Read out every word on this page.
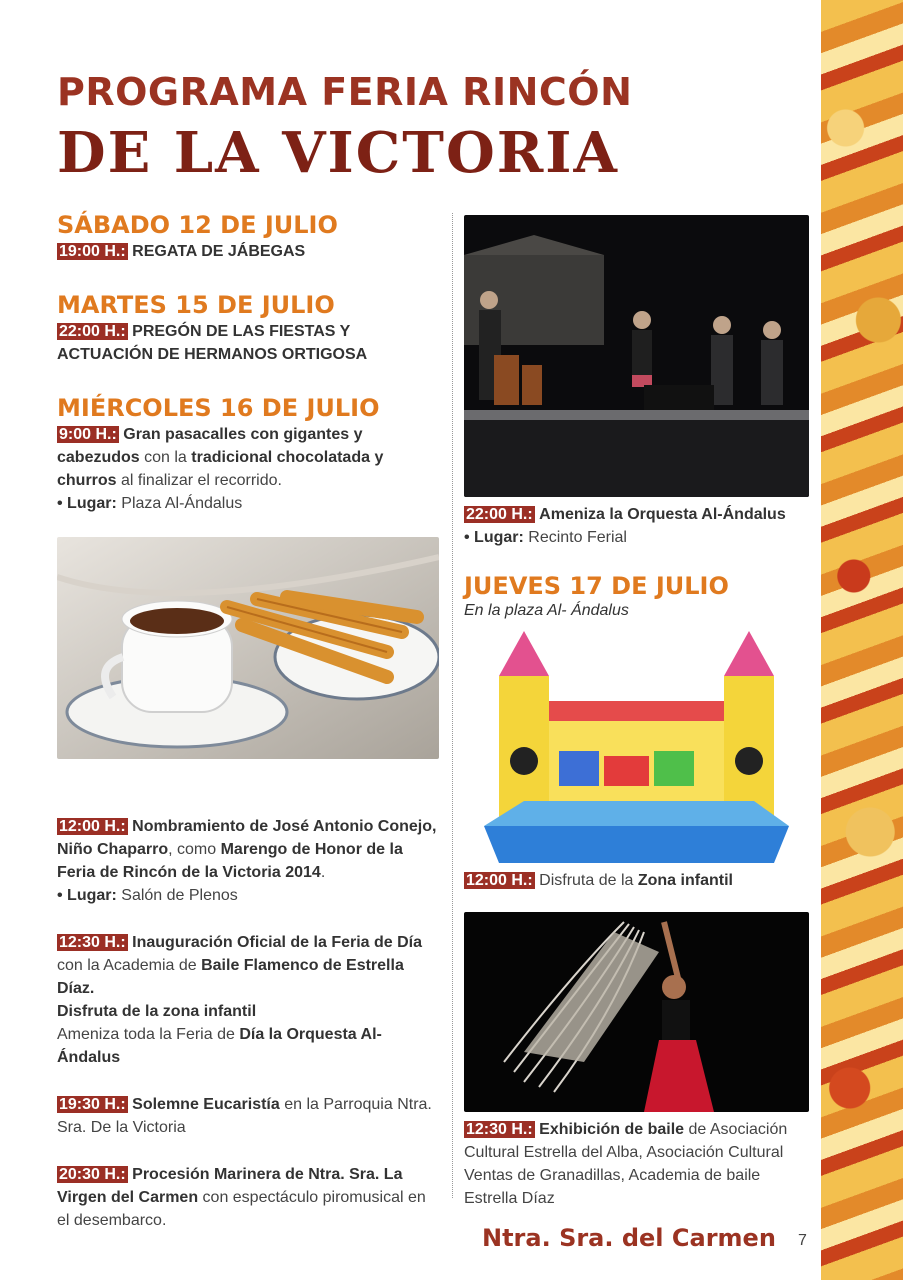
PROGRAMA FERIA RINCÓN
DE LA VICTORIA

SÁBADO 12 DE JULIO

19:00 H.: REGATA DE JÁBEGAS

MARTES 15 DE JULIO

22:00 H.: PREGÓN DE LAS FIESTAS Y
ACTUACIÓN DE HERMANOS ORTIGOSA

MIÉRCOLES 16 DE JULIO

9:00 H.: Gran pasacalles con gigantes y cabezudos con la tradicional chocolatada y churros al finalizar el recorrido.
• Lugar: Plaza Al-Ándalus

12:00 H.: Nombramiento de José Antonio Conejo, Niño Chaparro, como Marengo de Honor de la Feria de Rincón de la Victoria 2014.
• Lugar: Salón de Plenos

12:30 H.: Inauguración Oficial de la Feria de Día con la Academia de Baile Flamenco de Estrella Díaz.
Disfruta de la zona infantil
Ameniza toda la Feria de Día la Orquesta Al-Ándalus

19:30 H.: Solemne Eucaristía en la Parroquia Ntra. Sra. De la Victoria

20:30 H.: Procesión Marinera de Ntra. Sra. La Virgen del Carmen con espectáculo piromusical en el desembarco.

22:00 H.: Ameniza la Orquesta Al-Ándalus
• Lugar: Recinto Ferial

JUEVES 17 DE JULIO

En la plaza Al- Ándalus

12:00 H.: Disfruta de la Zona infantil

12:30 H.: Exhibición de baile de Asociación Cultural Estrella del Alba, Asociación Cultural Ventas de Granadillas, Academia de baile Estrella Díaz

Ntra. Sra. del Carmen 7
